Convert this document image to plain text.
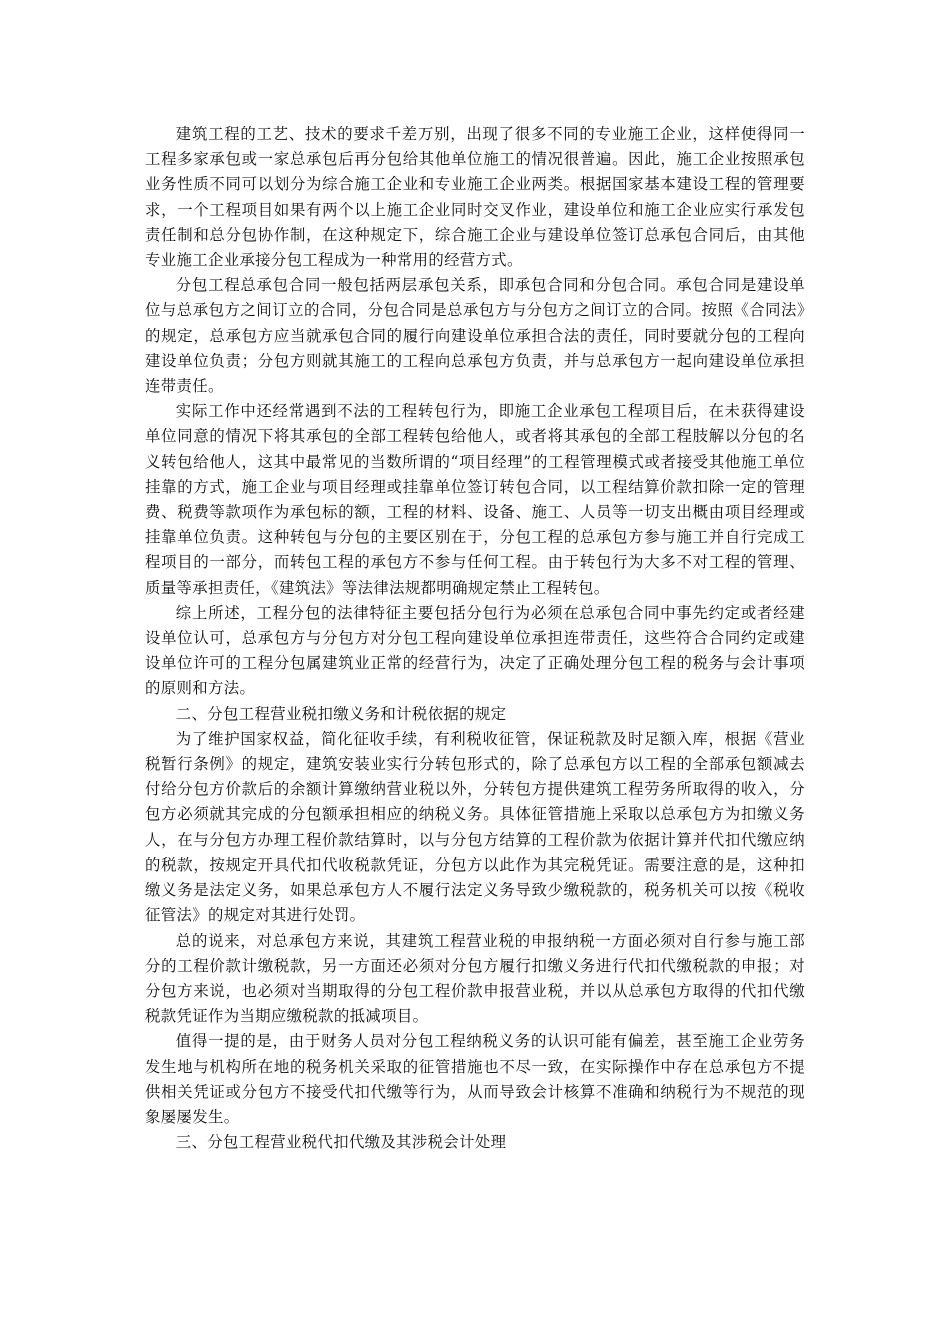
建筑工程的工艺、技术的要求千差万别，出现了很多不同的专业施工企业，这样使得同一工程多家承包或一家总承包后再分包给其他单位施工的情况很普遍。因此，施工企业按照承包业务性质不同可以划分为综合施工企业和专业施工企业两类。根据国家基本建设工程的管理要求，一个工程项目如果有两个以上施工企业同时交叉作业，建设单位和施工企业应实行承发包责任制和总分包协作制，在这种规定下，综合施工企业与建设单位签订总承包合同后，由其他专业施工企业承接分包工程成为一种常用的经营方式。

分包工程总承包合同一般包括两层承包关系，即承包合同和分包合同。承包合同是建设单位与总承包方之间订立的合同，分包合同是总承包方与分包方之间订立的合同。按照《合同法》的规定，总承包方应当就承包合同的履行向建设单位承担合法的责任，同时要就分包的工程向建设单位负责；分包方则就其施工的工程向总承包方负责，并与总承包方一起向建设单位承担连带责任。

实际工作中还经常遇到不法的工程转包行为，即施工企业承包工程项目后，在未获得建设单位同意的情况下将其承包的全部工程转包给他人，或者将其承包的全部工程肢解以分包的名义转包给他人，这其中最常见的当数所谓的“项目经理”的工程管理模式或者接受其他施工单位挂靠的方式，施工企业与项目经理或挂靠单位签订转包合同，以工程结算价款扣除一定的管理费、税费等款项作为承包标的额，工程的材料、设备、施工、人员等一切支出概由项目经理或挂靠单位负责。这种转包与分包的主要区别在于，分包工程的总承包方参与施工并自行完成工程项目的一部分，而转包工程的承包方不参与任何工程。由于转包行为大多不对工程的管理、质量等承担责任，《建筑法》等法律法规都明确规定禁止工程转包。

综上所述，工程分包的法律特征主要包括分包行为必须在总承包合同中事先约定或者经建设单位认可，总承包方与分包方对分包工程向建设单位承担连带责任，这些符合合同约定或建设单位许可的工程分包属建筑业正常的经营行为，决定了正确处理分包工程的税务与会计事项的原则和方法。

二、分包工程营业税扣缴义务和计税依据的规定

为了维护国家权益，简化征收手续，有利税收征管，保证税款及时足额入库，根据《营业税暂行条例》的规定，建筑安装业实行分转包形式的，除了总承包方以工程的全部承包额减去付给分包方价款后的余额计算缴纳营业税以外，分转包方提供建筑工程劳务所取得的收入，分包方必须就其完成的分包额承担相应的纳税义务。具体征管措施上采取以总承包方为扣缴义务人，在与分包方办理工程价款结算时，以与分包方结算的工程价款为依据计算并代扣代缴应纳的税款，按规定开具代扣代收税款凭证，分包方以此作为其完税凭证。需要注意的是，这种扣缴义务是法定义务，如果总承包方人不履行法定义务导致少缴税款的，税务机关可以按《税收征管法》的规定对其进行处罚。

总的说来，对总承包方来说，其建筑工程营业税的申报纳税一方面必须对自行参与施工部分的工程价款计缴税款，另一方面还必须对分包方履行扣缴义务进行代扣代缴税款的申报；对分包方来说，也必须对当期取得的分包工程价款申报营业税，并以从总承包方取得的代扣代缴税款凭证作为当期应缴税款的抵减项目。

值得一提的是，由于财务人员对分包工程纳税义务的认识可能有偏差，甚至施工企业劳务发生地与机构所在地的税务机关采取的征管措施也不尽一致，在实际操作中存在总承包方不提供相关凭证或分包方不接受代扣代缴等行为，从而导致会计核算不准确和纳税行为不规范的现象屡屡发生。

三、分包工程营业税代扣代缴及其涉税会计处理
